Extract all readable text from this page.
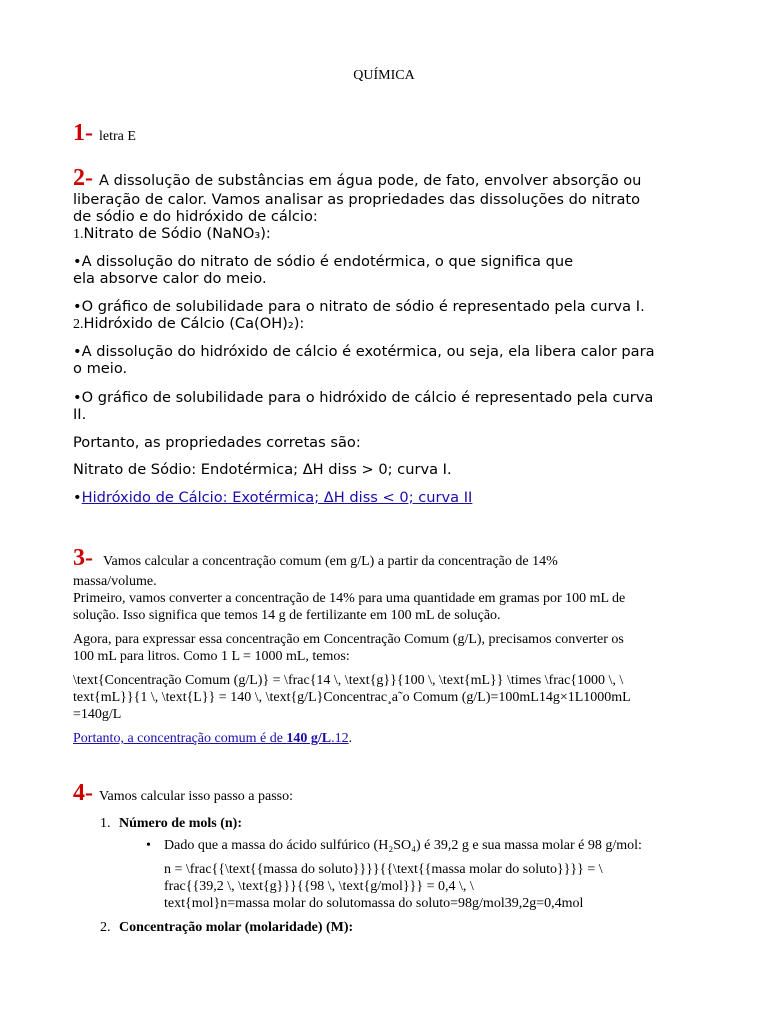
QUÍMICA
1- letra E
2- A dissolução de substâncias em água pode, de fato, envolver absorção ou
liberação de calor. Vamos analisar as propriedades das dissoluções do nitrato
de sódio e do hidróxido de cálcio:
1.Nitrato de Sódio (NaNO₃):
•A dissolução do nitrato de sódio é endotérmica, o que significa que
ela absorve calor do meio.
•O gráfico de solubilidade para o nitrato de sódio é representado pela curva I.
2.Hidróxido de Cálcio (Ca(OH)₂):
•A dissolução do hidróxido de cálcio é exotérmica, ou seja, ela libera calor para
o meio.
•O gráfico de solubilidade para o hidróxido de cálcio é representado pela curva
II.
Portanto, as propriedades corretas são:
Nitrato de Sódio: Endotérmica; ΔH diss > 0; curva I.
•Hidróxido de Cálcio: Exotérmica; ΔH diss < 0; curva II
3- Vamos calcular a concentração comum (em g/L) a partir da concentração de 14%
massa/volume.
Primeiro, vamos converter a concentração de 14% para uma quantidade em gramas por 100 mL de
solução. Isso significa que temos 14 g de fertilizante em 100 mL de solução.
Agora, para expressar essa concentração em Concentração Comum (g/L), precisamos converter os
100 mL para litros. Como 1 L = 1000 mL, temos:
\text{Concentração Comum (g/L)} = \frac{14 \, \text{g}}{100 \, \text{mL}} \times \frac{1000 \, \
text{mL}}{1 \, \text{L}} = 140 \, \text{g/L}Concentrac¸a˜o Comum (g/L)=100mL14g×1L1000mL
=140g/L
Portanto, a concentração comum é de 140 g/L.12.
4- Vamos calcular isso passo a passo:
1. Número de mols (n):
• Dado que a massa do ácido sulfúrico (H₂SO₄) é 39,2 g e sua massa molar é 98 g/mol:
n = \frac{{\text{{massa do soluto}}}}{{\text{{massa molar do soluto}}}} = \
frac{{39,2 \, \text{g}}}{{98 \, \text{g/mol}}} = 0,4 \, \
text{mol}n=massa molar do solutomassa do soluto=98g/mol39,2g=0,4mol
2. Concentração molar (molaridade) (M):
